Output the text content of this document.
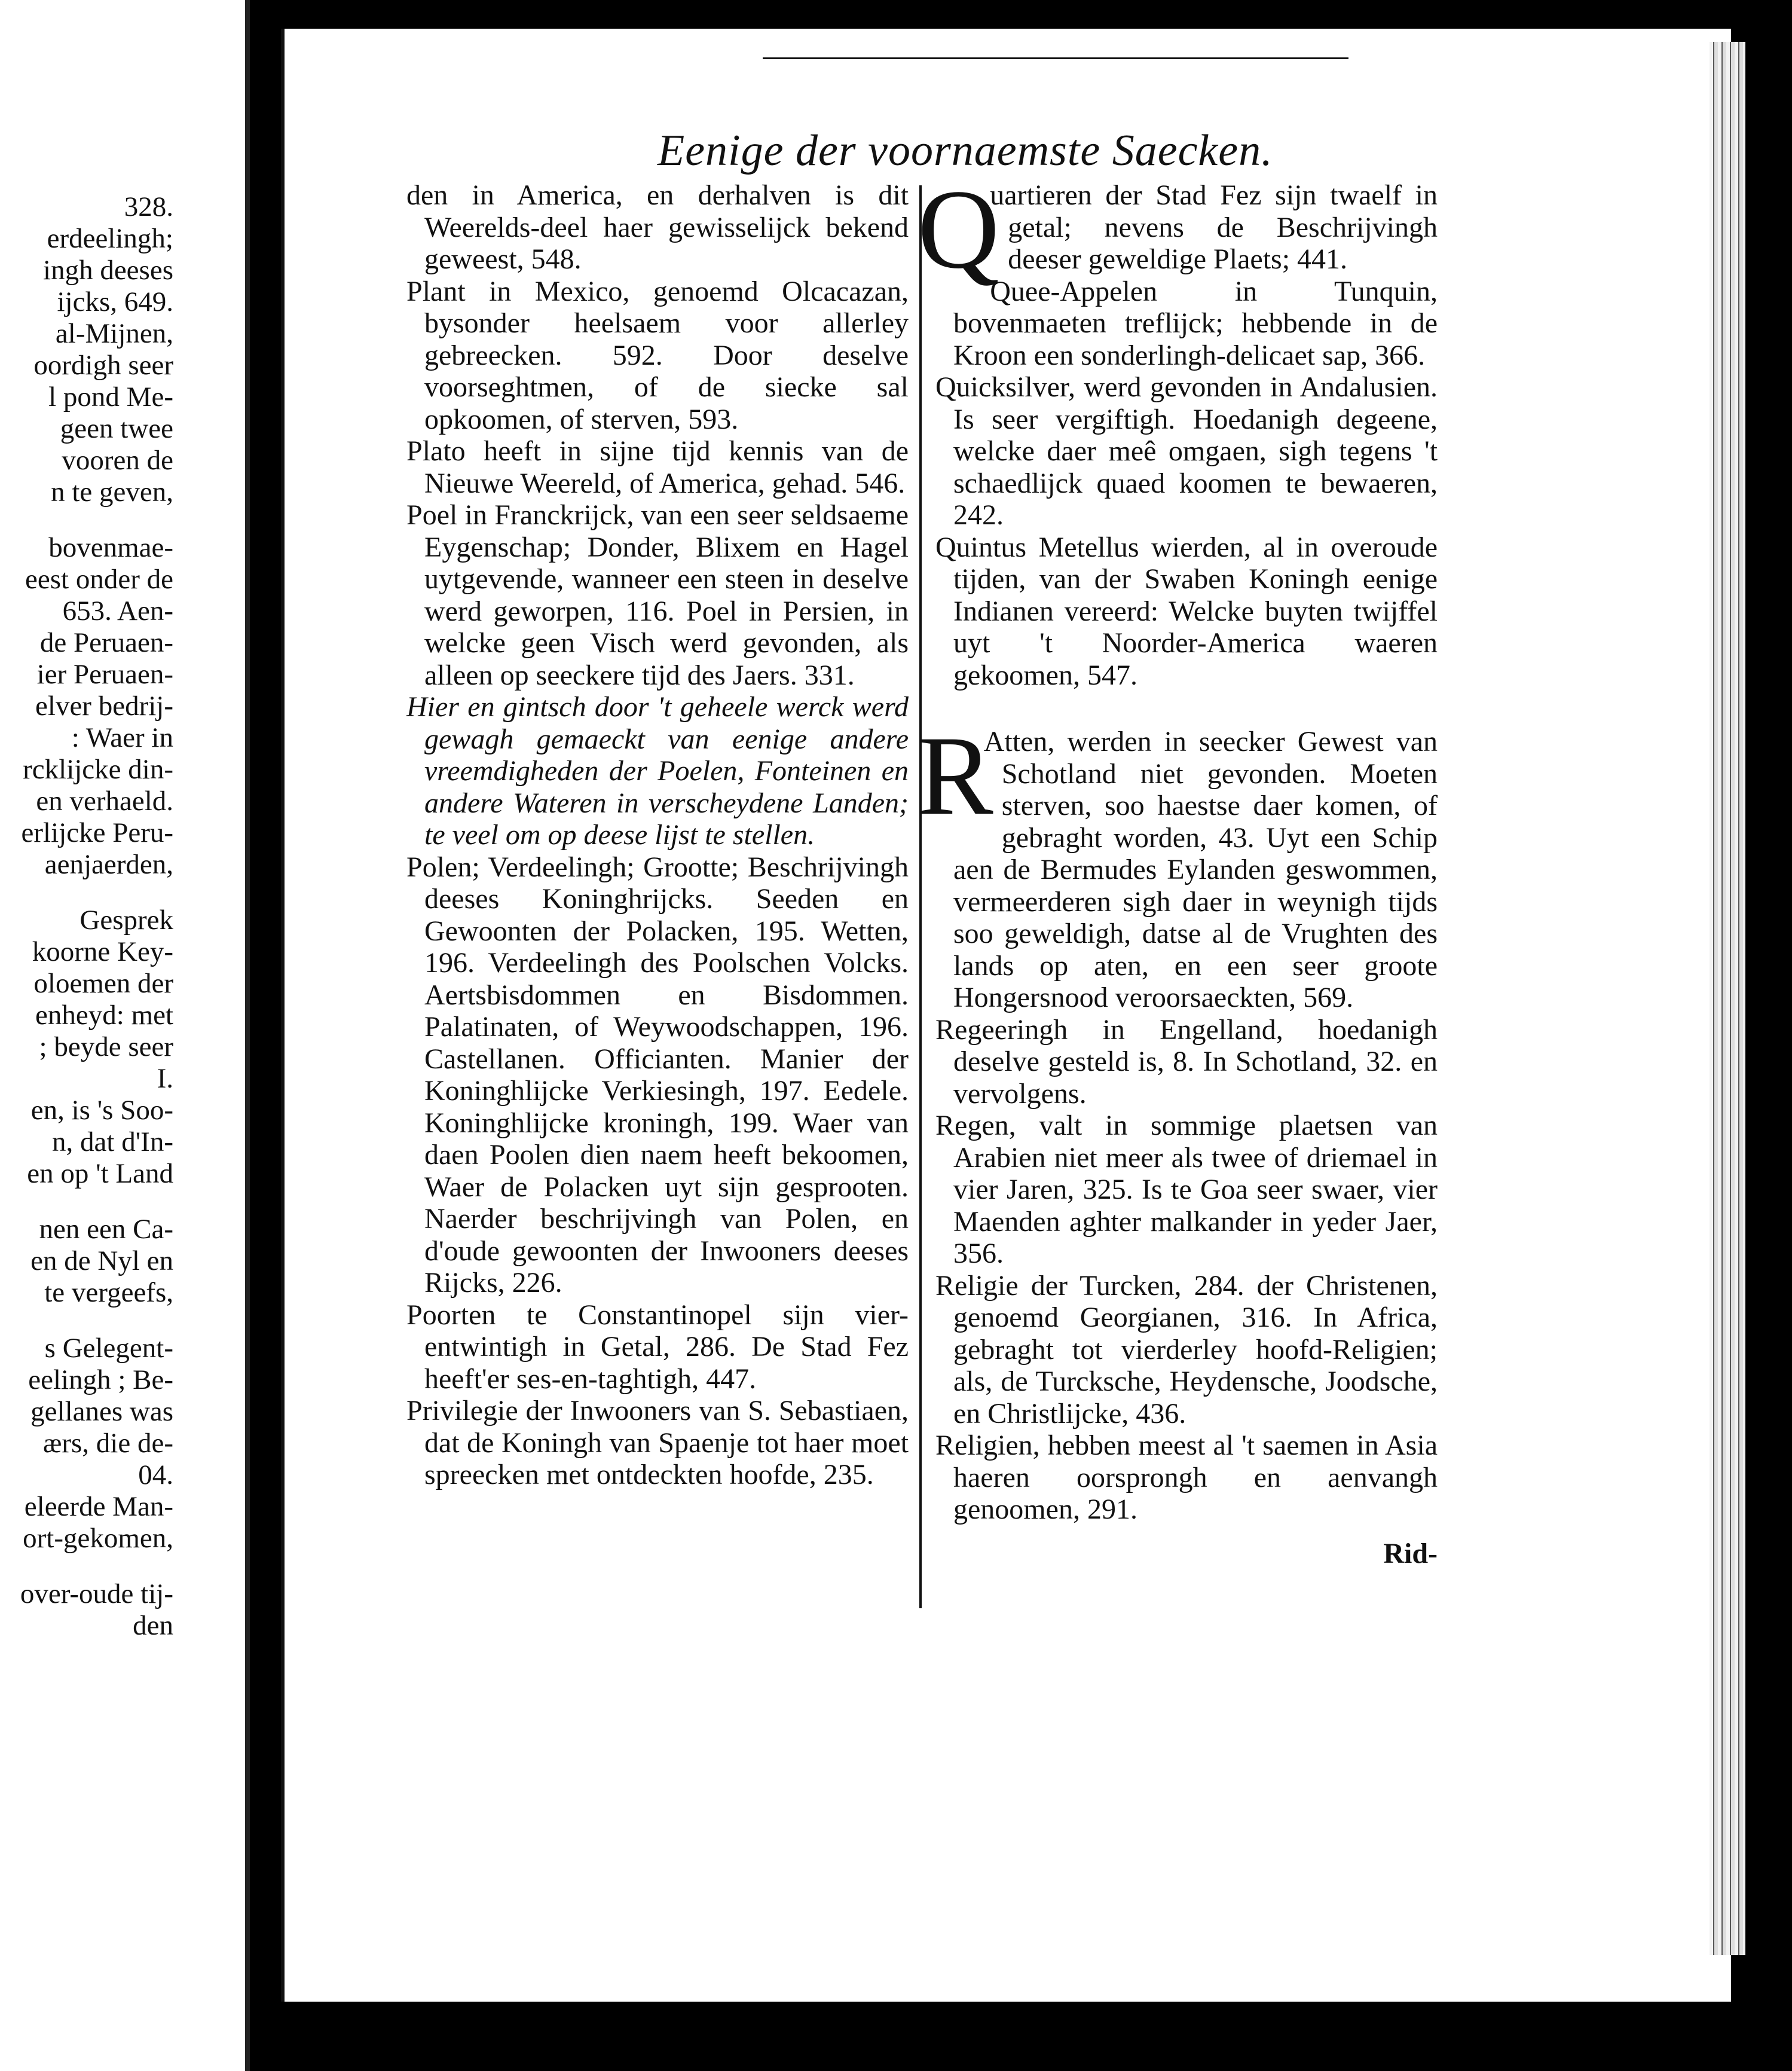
328.
erdeelingh;
ingh deeses
ijcks, 649.
al-Mijnen,
oordigh seer
l pond Me-
geen twee
vooren de
n te geven,
bovenmae-
eest onder de
653. Aen-
de Peruaen-
ier Peruaen-
elver bedrij-
: Waer in
rcklijcke din-
en verhaeld.
erlijcke Peru-
aenjaerden,
Gesprek
koorne Key-
oloemen der
enheyd: met
; beyde seer
I.
en, is 's Soo-
n, dat d'In-
en op 't Land
nen een Ca-
en de Nyl en
te vergeefs,
s Gelegent-
eelingh ; Be-
gellanes was
ærs, die de-
04.
eleerde Man-
ort-gekomen,
over-oude tij-
den
Eenige der voornaemste Saecken.

den in America, en derhalven is dit Weerelds-deel haer gewisselijck bekend geweest, 548.

Plant in Mexico, genoemd Olcacazan, bysonder heelsaem voor allerley gebreecken. 592. Door deselve voorseghtmen, of de siecke sal opkoomen, of sterven, 593.

Plato heeft in sijne tijd kennis van de Nieuwe Weereld, of America, gehad. 546.

Poel in Franckrijck, van een seer seldsaeme Eygenschap; Donder, Blixem en Hagel uytgevende, wanneer een steen in deselve werd geworpen, 116. Poel in Persien, in welcke geen Visch werd gevonden, als alleen op seeckere tijd des Jaers. 331.

Hier en gintsch door 't geheele werck werd gewagh gemaeckt van eenige andere vreemdigheden der Poelen, Fonteinen en andere Wateren in verscheydene Landen; te veel om op deese lijst te stellen.

Polen; Verdeelingh; Grootte; Beschrijvingh deeses Koninghrijcks. Seeden en Gewoonten der Polacken, 195. Wetten, 196. Verdeelingh des Poolschen Volcks. Aertsbisdommen en Bisdommen. Palatinaten, of Weywoodschappen, 196. Castellanen. Officianten. Manier der Koninghlijcke Verkiesingh, 197. Eedele. Koninghlijcke kroningh, 199. Waer van daen Poolen dien naem heeft bekoomen, Waer de Polacken uyt sijn gesprooten. Naerder beschrijvingh van Polen, en d'oude gewoonten der Inwooners deeses Rijcks, 226.

Poorten te Constantinopel sijn vier-entwintigh in Getal, 286. De Stad Fez heeft'er ses-en-taghtigh, 447.

Privilegie der Inwooners van S. Sebastiaen, dat de Koningh van Spaenje tot haer moet spreecken met ontdeckten hoofde, 235.

Q
uartieren der Stad Fez sijn twaelf in getal; nevens de Beschrijvingh deeser geweldige Plaets; 441.

Quee-Appelen in Tunquin, bovenmaeten treflijck; hebbende in de Kroon een sonderlingh-delicaet sap, 366.

Quicksilver, werd gevonden in Andalusien. Is seer vergiftigh. Hoedanigh degeene, welcke daer meê omgaen, sigh tegens 't schaedlijck quaed koomen te bewaeren, 242.

Quintus Metellus wierden, al in overoude tijden, van der Swaben Koningh eenige Indianen vereerd: Welcke buyten twijffel uyt 't Noorder-America waeren gekoomen, 547.

R
Atten, werden in seecker Gewest van Schotland niet gevonden. Moeten sterven, soo haestse daer komen, of gebraght worden, 43. Uyt een Schip aen de Bermudes Eylanden geswommen, vermeerderen sigh daer in weynigh tijds soo geweldigh, datse al de Vrughten des lands op aten, en een seer groote Hongersnood veroorsaeckten, 569.

Regeeringh in Engelland, hoedanigh deselve gesteld is, 8. In Schotland, 32. en vervolgens.

Regen, valt in sommige plaetsen van Arabien niet meer als twee of driemael in vier Jaren, 325. Is te Goa seer swaer, vier Maenden aghter malkander in yeder Jaer, 356.

Religie der Turcken, 284. der Christenen, genoemd Georgianen, 316. In Africa, gebraght tot vierderley hoofd-Religien; als, de Turcksche, Heydensche, Joodsche, en Christlijcke, 436.

Religien, hebben meest al 't saemen in Asia haeren oorsprongh en aenvangh genoomen, 291.

Rid-
